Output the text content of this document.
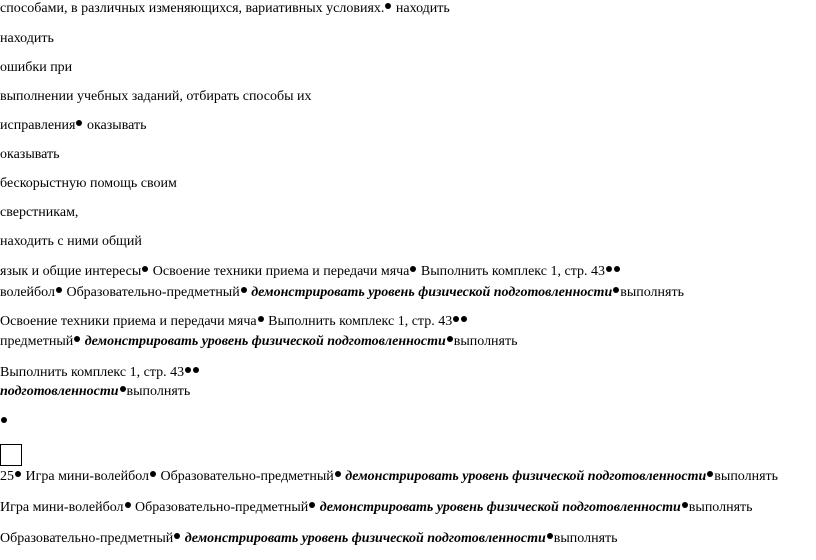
способами, в различных изменяющихся, вариативных условиях. находить
находить
ошибки при
выполнении учебных заданий, отбирать способы их
исправления оказывать
оказывать
бескорыстную помощь своим
сверстникам,
находить с ними общий
язык и общие интересы Освоение техники приема и передачи мяча Выполнить комплекс 1, стр. 43
волейбол Образовательно-предметный демонстрировать уровень физической подготовленности выполнять
Освоение техники приема и передачи мяча Выполнить комплекс 1, стр. 43
предметный демонстрировать уровень физической подготовленности выполнять
Выполнить комплекс 1, стр. 43
подготовленности выполнять
25 Игра мини-волейбол Образовательно-предметный демонстрировать уровень физической подготовленности выполнять
Игра мини-волейбол Образовательно-предметный демонстрировать уровень физической подготовленности выполнять
Образовательно-предметный демонстрировать уровень физической подготовленности выполнять
